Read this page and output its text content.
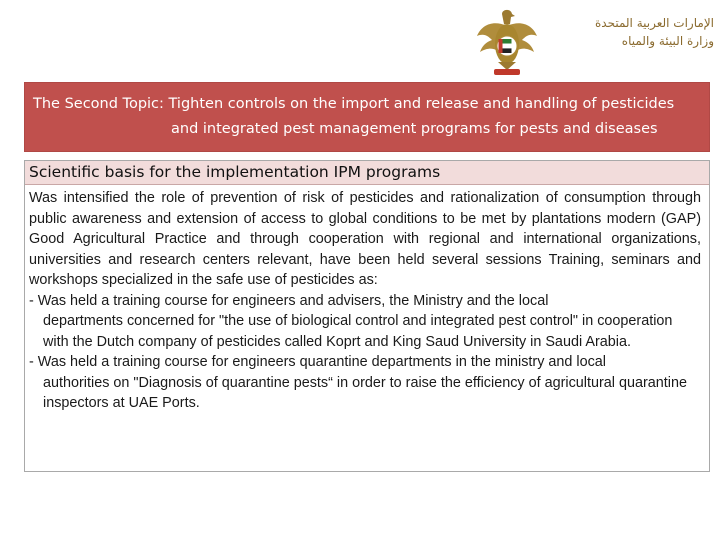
الإمارات العربية المتحدة
وزارة البيئة والمياه
The Second Topic: Tighten controls on the import and release and handling of pesticides
and integrated pest management programs for pests and diseases
Scientific basis for the implementation IPM programs

Was intensified the role of prevention of risk of pesticides and rationalization of consumption through public awareness and extension of access to global conditions to be met by plantations modern (GAP) Good Agricultural Practice and through cooperation with regional and international organizations, universities and research centers relevant, have been held several sessions Training, seminars and workshops specialized in the safe use of pesticides as:

- Was held a training course for engineers and advisers, the Ministry and the local
departments concerned for "the use of biological control and integrated pest control" in cooperation with the Dutch company of pesticides called Koprt and King Saud University in Saudi Arabia.
- Was held a training course for engineers quarantine departments in the ministry and local
authorities on "Diagnosis of quarantine pests“ in order to raise the efficiency of agricultural quarantine inspectors at UAE Ports.
